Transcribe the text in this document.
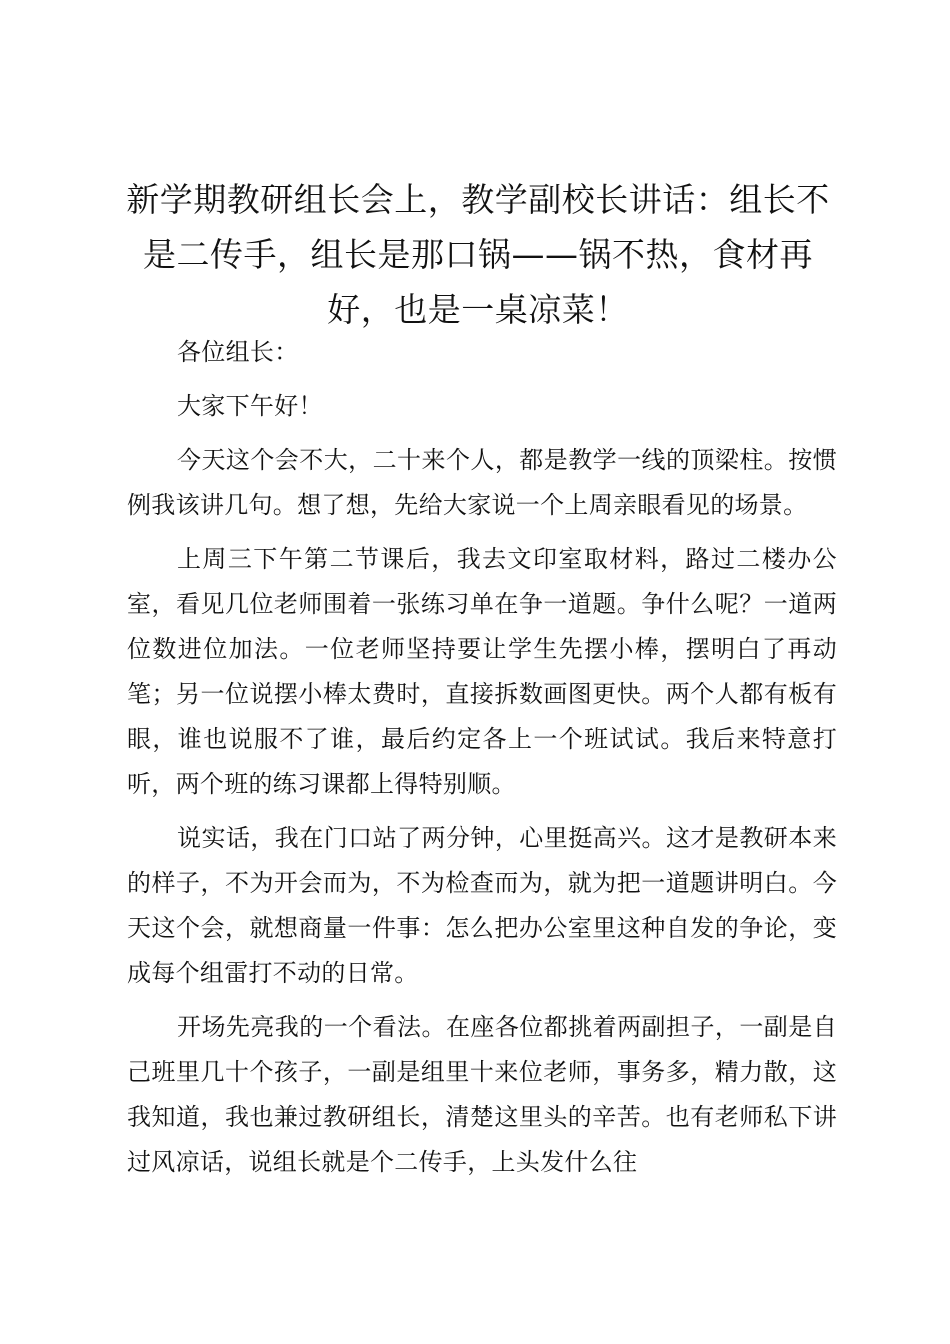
新学期教研组长会上，教学副校长讲话：组长不是二传手，组长是那口锅——锅不热，食材再好，也是一桌凉菜！

各位组长：

大家下午好！

今天这个会不大，二十来个人，都是教学一线的顶梁柱。按惯例我该讲几句。想了想，先给大家说一个上周亲眼看见的场景。

上周三下午第二节课后，我去文印室取材料，路过二楼办公室，看见几位老师围着一张练习单在争一道题。争什么呢？一道两位数进位加法。一位老师坚持要让学生先摆小棒，摆明白了再动笔；另一位说摆小棒太费时，直接拆数画图更快。两个人都有板有眼，谁也说服不了谁，最后约定各上一个班试试。我后来特意打听，两个班的练习课都上得特别顺。

说实话，我在门口站了两分钟，心里挺高兴。这才是教研本来的样子，不为开会而为，不为检查而为，就为把一道题讲明白。今天这个会，就想商量一件事：怎么把办公室里这种自发的争论，变成每个组雷打不动的日常。

开场先亮我的一个看法。在座各位都挑着两副担子，一副是自己班里几十个孩子，一副是组里十来位老师，事务多，精力散，这我知道，我也兼过教研组长，清楚这里头的辛苦。也有老师私下讲过风凉话，说组长就是个二传手，上头发什么往
